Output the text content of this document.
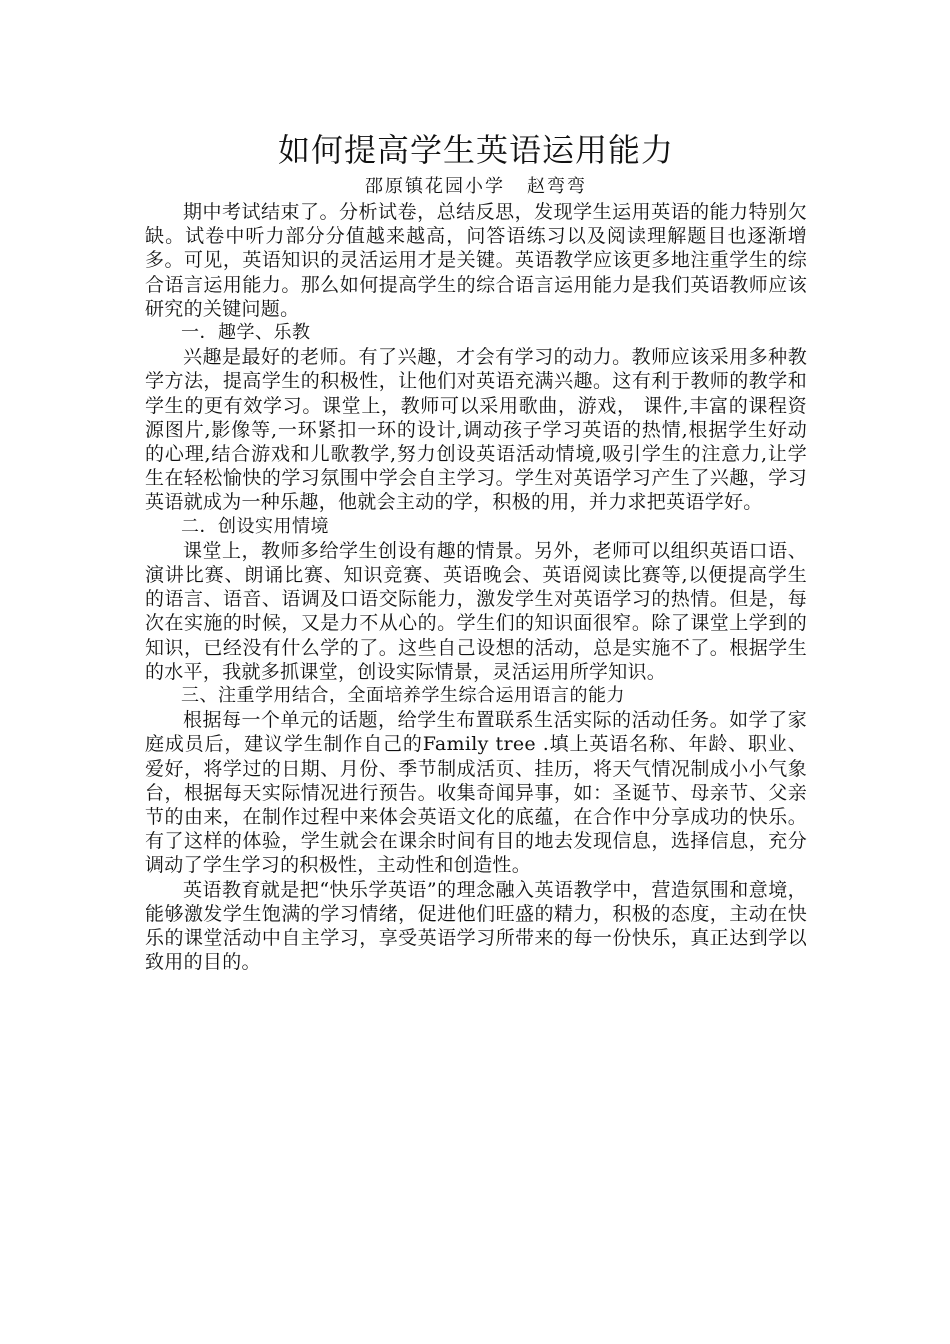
如何提高学生英语运用能力
邵原镇花园小学 赵弯弯

期中考试结束了。分析试卷，总结反思，发现学生运用英语的能力特别欠缺。试卷中听力部分分值越来越高，问答语练习以及阅读理解题目也逐渐增多。可见，英语知识的灵活运用才是关键。英语教学应该更多地注重学生的综合语言运用能力。那么如何提高学生的综合语言运用能力是我们英语教师应该研究的关键问题。

一．趣学、乐教

兴趣是最好的老师。有了兴趣，才会有学习的动力。教师应该采用多种教学方法，提高学生的积极性，让他们对英语充满兴趣。这有利于教师的教学和学生的更有效学习。课堂上，教师可以采用歌曲，游戏， 课件,丰富的课程资源图片,影像等,一环紧扣一环的设计,调动孩子学习英语的热情,根据学生好动的心理,结合游戏和儿歌教学,努力创设英语活动情境,吸引学生的注意力,让学生在轻松愉快的学习氛围中学会自主学习。学生对英语学习产生了兴趣，学习英语就成为一种乐趣，他就会主动的学，积极的用，并力求把英语学好。

二．创设实用情境

课堂上，教师多给学生创设有趣的情景。另外，老师可以组织英语口语、演讲比赛、朗诵比赛、知识竞赛、英语晚会、英语阅读比赛等,以便提高学生的语言、语音、语调及口语交际能力，激发学生对英语学习的热情。但是，每次在实施的时候，又是力不从心的。学生们的知识面很窄。除了课堂上学到的知识，已经没有什么学的了。这些自己设想的活动，总是实施不了。根据学生的水平，我就多抓课堂，创设实际情景，灵活运用所学知识。

三、注重学用结合，全面培养学生综合运用语言的能力

根据每一个单元的话题，给学生布置联系生活实际的活动任务。如学了家庭成员后，建议学生制作自己的Family tree .填上英语名称、年龄、职业、爱好，将学过的日期、月份、季节制成活页、挂历，将天气情况制成小小气象台，根据每天实际情况进行预告。收集奇闻异事，如：圣诞节、母亲节、父亲节的由来，在制作过程中来体会英语文化的底蕴，在合作中分享成功的快乐。有了这样的体验，学生就会在课余时间有目的地去发现信息，选择信息，充分调动了学生学习的积极性，主动性和创造性。

英语教育就是把“快乐学英语”的理念融入英语教学中，营造氛围和意境，能够激发学生饱满的学习情绪，促进他们旺盛的精力，积极的态度，主动在快乐的课堂活动中自主学习，享受英语学习所带来的每一份快乐，真正达到学以致用的目的。
